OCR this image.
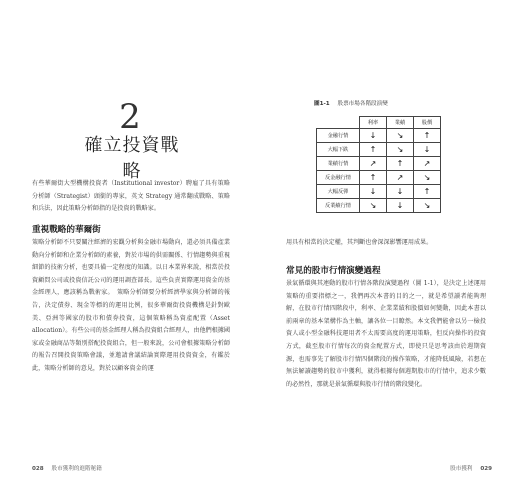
2
確立投資戰略
有些華爾街大型機構投資者（Institutional investor）聘雇了具有策略分析師（Strategist）頭銜的專家，英文 Strategy 通常翻成戰略、策略和兵法，因此策略分析師指的是投資的戰略家。
重視戰略的華爾街
策略分析師不只要關注經濟的宏觀分析與金融市場動向，還必須具備產業動向分析師和企業分析師的素養，對於市場的供需關係、行情趨勢與重視細節的技術分析，也要具備一定程度的知識。以日本業界來說，相當於投資顧問公司或投資信託公司的運用調查部長。這些負責實際運用資金的基金經理人，應該稱為戰術家。　策略分析師要分析經濟學家與分析師的報告，決定債券、現金等標的的運用比例，很多華爾街投資機構是針對歐美、亞洲等國家的股市和債券投資，這個策略稱為資產配置（Asset allocation）。有些公司的基金經理人稱為投資組合經理人，由他們根據國家或金融商品等類別搭配投資組合，但一般來說，公司會根據策略分析師的報告召開投資策略會議，並邀請會議結論實際運用投資資金，有鑑於此，策略分析師的意見，對於以顧客資金的運
028 股市獲利的進階秘籍
圖1-1 股票市場各階段演變
	利率	業績	股價
金融行情	↓	↘	↑
大幅下跌	↑	↘	↓
業績行情	↗	↑	↗
反金融行情	↑	↗	↘
大幅反彈	↓	↓	↑
反業績行情	↘	↓	↘
用具有相當的決定權，其判斷也會深深影響運用成果。
常見的股市行情演變過程
景氣循環與其連動的股市行情各階段演變過程（圖 1-1），是決定上述運用策略的重要指標之一，我們再次本書的目的之一，就是希望讀者能夠理解，在股市行情四階段中，利率、企業業績和股價如何變動，因此本書以前兩章的基本架構作為主軸，讓各位一目瞭然。本文我們能會以另一檢投資人或小型金融科技運用者不太需要高度的運用策略，但反向操作的投資方式，截至股市行情每次的資金配置方式，即使只是思考該由於週期資源，也需事先了解股市行情四個階段的操作策略，才能降低風險，若想在無法解讀趨勢的股市中獲利，就得根據每個週期股市的行情中，追求少數的必然性，那就是景氣循環與股市行情的階段變化。
股市獲利 029
